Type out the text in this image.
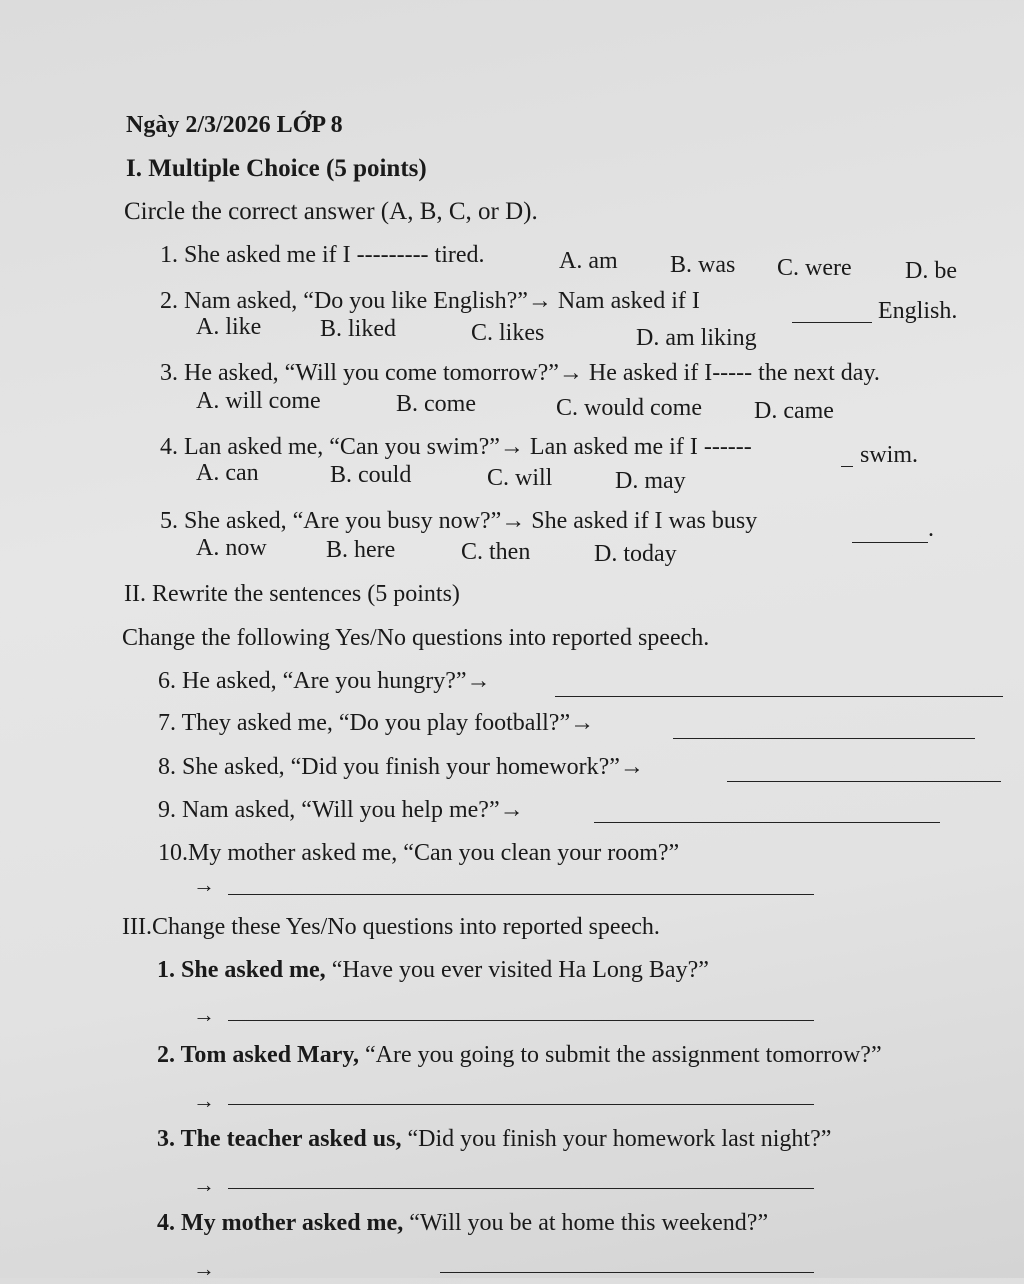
Ngày 2/3/2026 LỚP 8
I. Multiple Choice (5 points)
Circle the correct answer (A, B, C, or D).
1. She asked me if I --------- tired.	A. am B. was C. were D. be
2. Nam asked, “Do you like English?”→ Nam asked if I	English.
A. like B. liked	C. likes	D. am liking
3. He asked, “Will you come tomorrow?”→ He asked if I----- the next day.
A. will come	B. come	C. would come D. came
4. Lan asked me, “Can you swim?”→ Lan asked me if I ------	swim.
A. can	B. could	C. will	D. may
5. She asked, “Are you busy now?”→ She asked if I was busy	.
A. now B. here	C. then	D. today
II. Rewrite the sentences (5 points)
Change the following Yes/No questions into reported speech.
6. He asked, “Are you hungry?”→
7. They asked me, “Do you play football?”→
8. She asked, “Did you finish your homework?”→
9. Nam asked, “Will you help me?”→
10.My mother asked me, “Can you clean your room?”
→
III.Change these Yes/No questions into reported speech.
1. She asked me, “Have you ever visited Ha Long Bay?”
→
2. Tom asked Mary, “Are you going to submit the assignment tomorrow?”
→
3. The teacher asked us, “Did you finish your homework last night?”
→
4. My mother asked me, “Will you be at home this weekend?”
→
